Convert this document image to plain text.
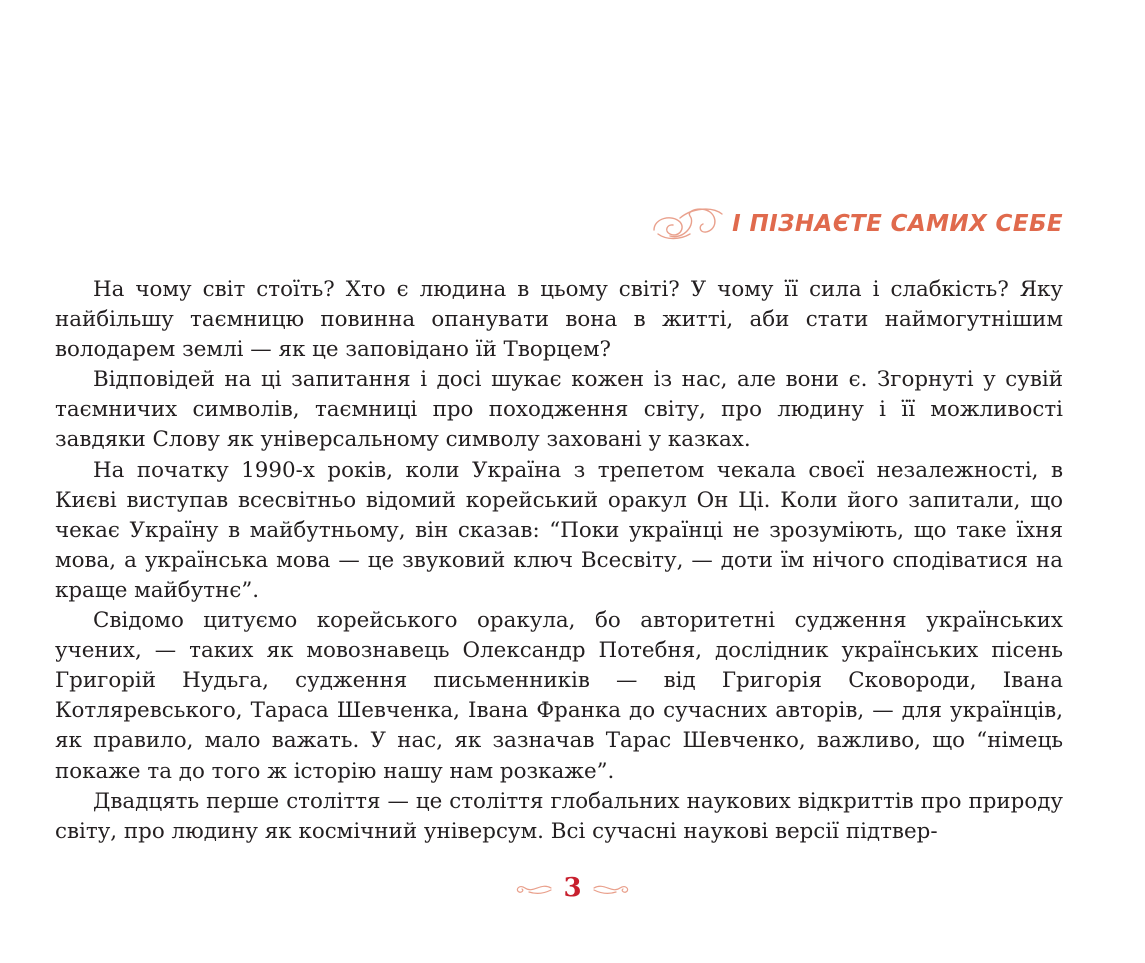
І ПІЗНАЄТЕ САМИХ СЕБЕ

На чому світ стоїть? Хто є людина в цьому світі? У чому її сила і слабкість? Яку найбільшу таємницю повинна опанувати вона в житті, аби стати наймогутнішим володарем землі — як це заповідано їй Творцем?

Відповідей на ці запитання і досі шукає кожен із нас, але вони є. Згорнуті у сувій таємничих символів, таємниці про походження світу, про людину і її можливості завдяки Слову як універсальному символу заховані у казках.

На початку 1990-х років, коли Україна з трепетом чекала своєї незалежності, в Києві виступав всесвітньо відомий корейський оракул Он Ці. Коли його запитали, що чекає Україну в майбутньому, він сказав: “Поки українці не зрозуміють, що таке їхня мова, а українська мова — це звуковий ключ Всесвіту, — доти їм нічого сподіватися на краще майбутнє”.

Свідомо цитуємо корейського оракула, бо авторитетні судження українських учених, — таких як мовознавець Олександр Потебня, дослідник українських пісень Григорій Нудьга, судження письменників — від Григорія Сковороди, Івана Котляревського, Тараса Шевченка, Івана Франка до сучасних авторів, — для українців, як правило, мало важать. У нас, як зазначав Тарас Шевченко, важливо, що “німець покаже та до того ж історію нашу нам розкаже”.

Двадцять перше століття — це століття глобальних наукових відкриттів про природу світу, про людину як космічний універсум. Всі сучасні наукові версії підтвер-

3
